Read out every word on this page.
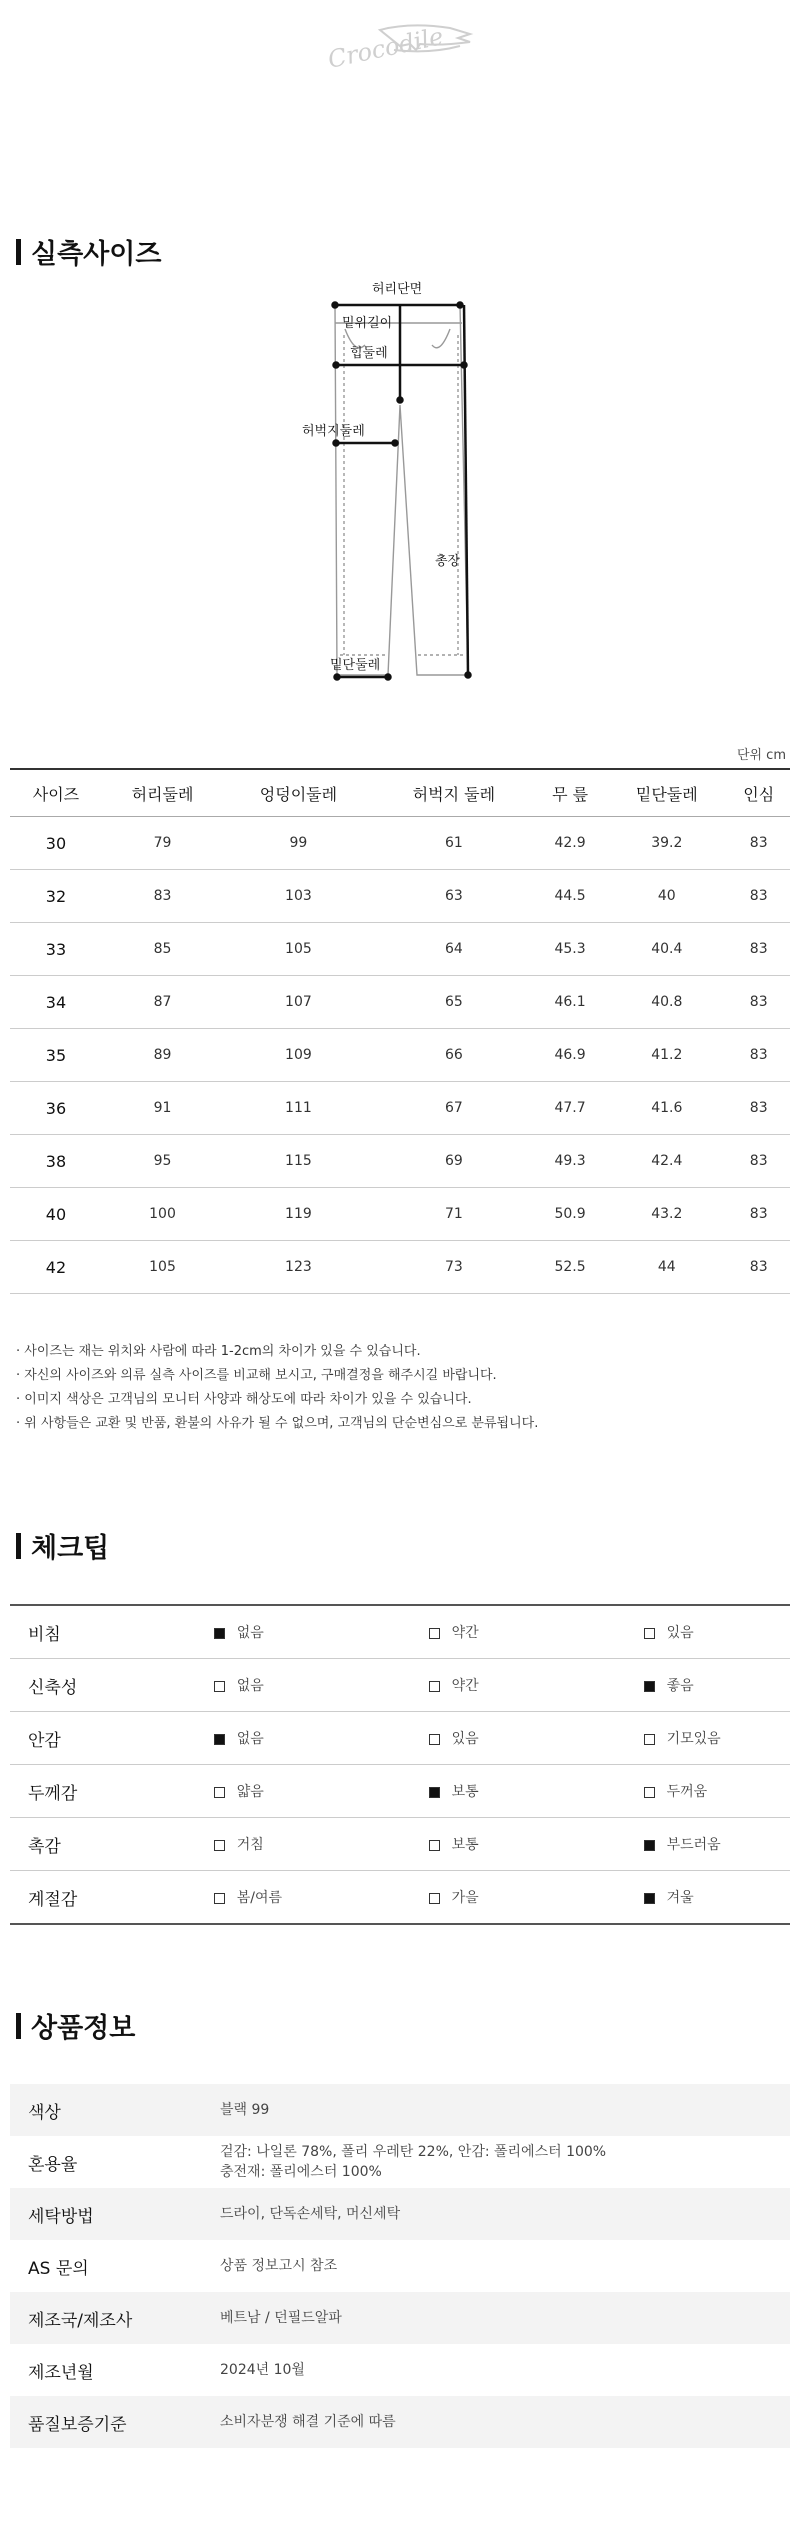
Crocodile
실측사이즈
허리단면
밑위길이
힙둘레
허벅지둘레
총장
밑단둘레
단위 cm
사이즈	허리둘레	엉덩이둘레	허벅지 둘레	무 릎	밑단둘레	인심
30	79	99	61	42.9	39.2	83
32	83	103	63	44.5	40	83
33	85	105	64	45.3	40.4	83
34	87	107	65	46.1	40.8	83
35	89	109	66	46.9	41.2	83
36	91	111	67	47.7	41.6	83
38	95	115	69	49.3	42.4	83
40	100	119	71	50.9	43.2	83
42	105	123	73	52.5	44	83
· 사이즈는 재는 위치와 사람에 따라 1-2cm의 차이가 있을 수 있습니다.
· 자신의 사이즈와 의류 실측 사이즈를 비교해 보시고, 구매결정을 해주시길 바랍니다.
· 이미지 색상은 고객님의 모니터 사양과 해상도에 따라 차이가 있을 수 있습니다.
· 위 사항들은 교환 및 반품, 환불의 사유가 될 수 없으며, 고객님의 단순변심으로 분류됩니다.
체크팁
비침	없음	약간	있음
신축성	없음	약간	좋음
안감	없음	있음	기모있음
두께감	얇음	보통	두꺼움
촉감	거침	보통	부드러움
계절감	봄/여름	가을	겨울
상품정보
색상	블랙 99

혼용율	겉감: 나일론 78%, 폴리 우레탄 22%, 안감: 폴리에스터 100%
충전재: 폴리에스터 100%

세탁방법	드라이, 단독손세탁, 머신세탁

AS 문의	상품 정보고시 참조

제조국/제조사	베트남 / 던필드알파

제조년월	2024년 10월

품질보증기준	소비자분쟁 해결 기준에 따름
